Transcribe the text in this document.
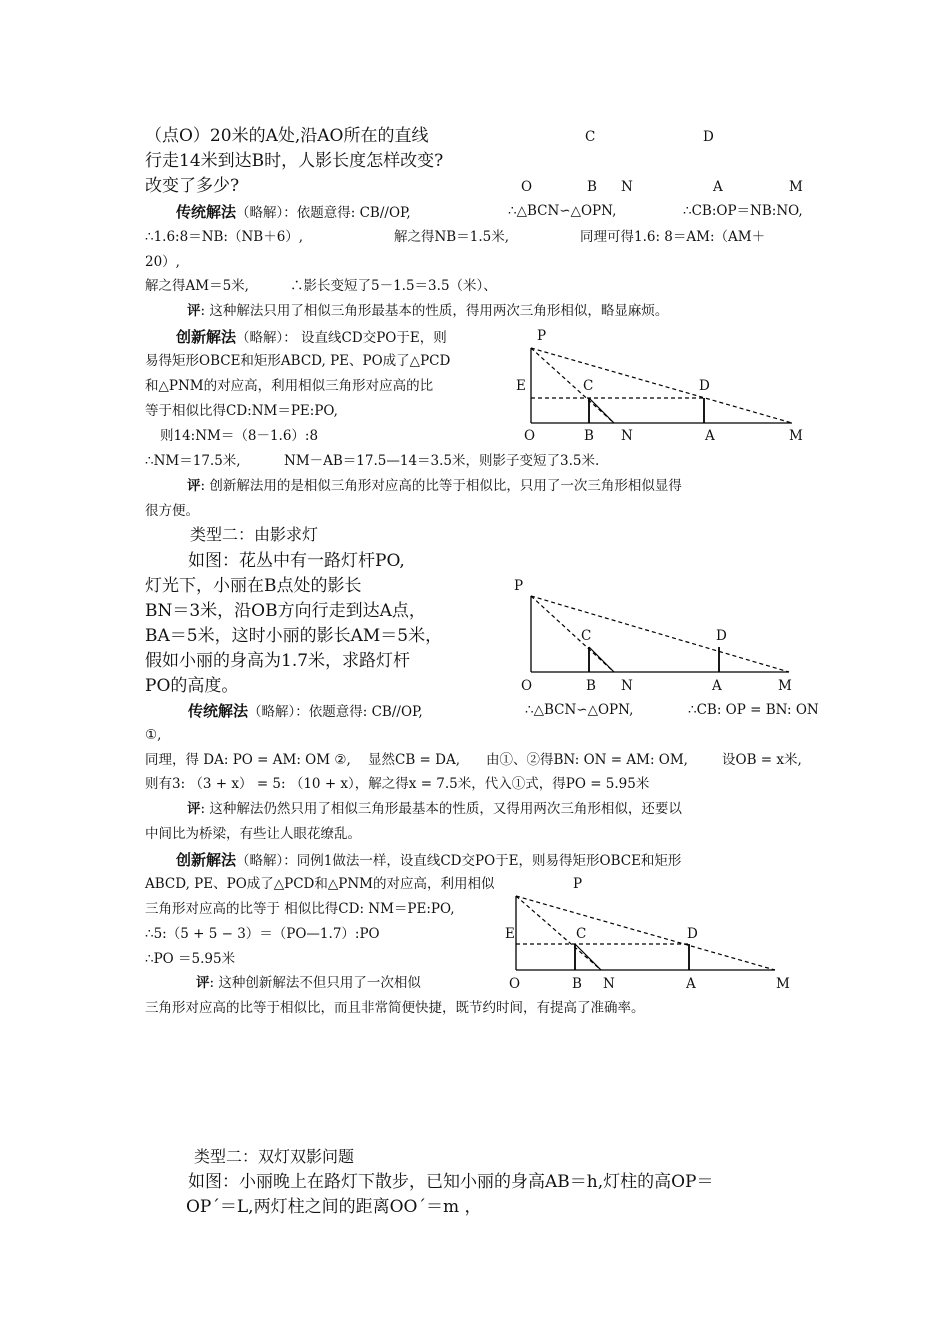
（点O）20米的A处,沿AO所在的直线
行走14米到达B时，人影长度怎样改变?
改变了多少?
C	D
O	B N	A	M
传统解法（略解）：依题意得: CB//OP,	∴△BCN∽△OPN,	∴CB:OP＝NB:NO,
∴1.6:8＝NB:（NB＋6）,	解之得NB＝1.5米,	同理可得1.6: 8＝AM:（AM＋
20）,
解之得AM＝5米,	∴影长变短了5－1.5＝3.5（米）、
评: 这种解法只用了相似三角形最基本的性质，得用两次三角形相似，略显麻烦。
创新解法（略解）： 设直线CD交PO于E，则
易得矩形OBCE和矩形ABCD, PE、PO成了△PCD
和△PNM的对应高，利用相似三角形对应高的比
等于相似比得CD:NM＝PE:PO,
则14:NM＝（8－1.6）:8
∴NM＝17.5米,	NM－AB＝17.5—14＝3.5米，则影子变短了3.5米.
P
E	C	D
O	B N	A	M
评: 创新解法用的是相似三角形对应高的比等于相似比，只用了一次三角形相似显得
很方便。
类型二：由影求灯
如图：花丛中有一路灯杆PO,
灯光下，小丽在B点处的影长
BN＝3米，沿OB方向行走到达A点，
BA＝5米，这时小丽的影长AM＝5米，
假如小丽的身高为1.7米，求路灯杆
PO的高度。
P
C	D
O	B N	A	M
传统解法（略解）：依题意得: CB//OP,	∴△BCN∽△OPN,	∴CB: OP = BN: ON
①,
同理，得 DA: PO = AM: OM ②, 显然CB = DA, 由①、②得BN: ON = AM: OM,	设OB = x米,
则有3: （3 + x） = 5: （10 + x），解之得x = 7.5米，代入①式，得PO = 5.95米
评: 这种解法仍然只用了相似三角形最基本的性质，又得用两次三角形相似，还要以
中间比为桥梁，有些让人眼花缭乱。
创新解法（略解）：同例1做法一样，设直线CD交PO于E，则易得矩形OBCE和矩形
ABCD, PE、PO成了△PCD和△PNM的对应高，利用相似
三角形对应高的比等于 相似比得CD: NM＝PE:PO,
∴5:（5 + 5 − 3）＝（PO—1.7）:PO
∴PO ＝5.95米
P
E	C	D
O	B N	A	M
评: 这种创新解法不但只用了一次相似
三角形对应高的比等于相似比，而且非常简便快捷，既节约时间，有提高了准确率。
类型二：双灯双影问题
如图：小丽晚上在路灯下散步，已知小丽的身高AB＝h,灯柱的高OP＝
OP´＝L,两灯柱之间的距离OO´＝m ，
